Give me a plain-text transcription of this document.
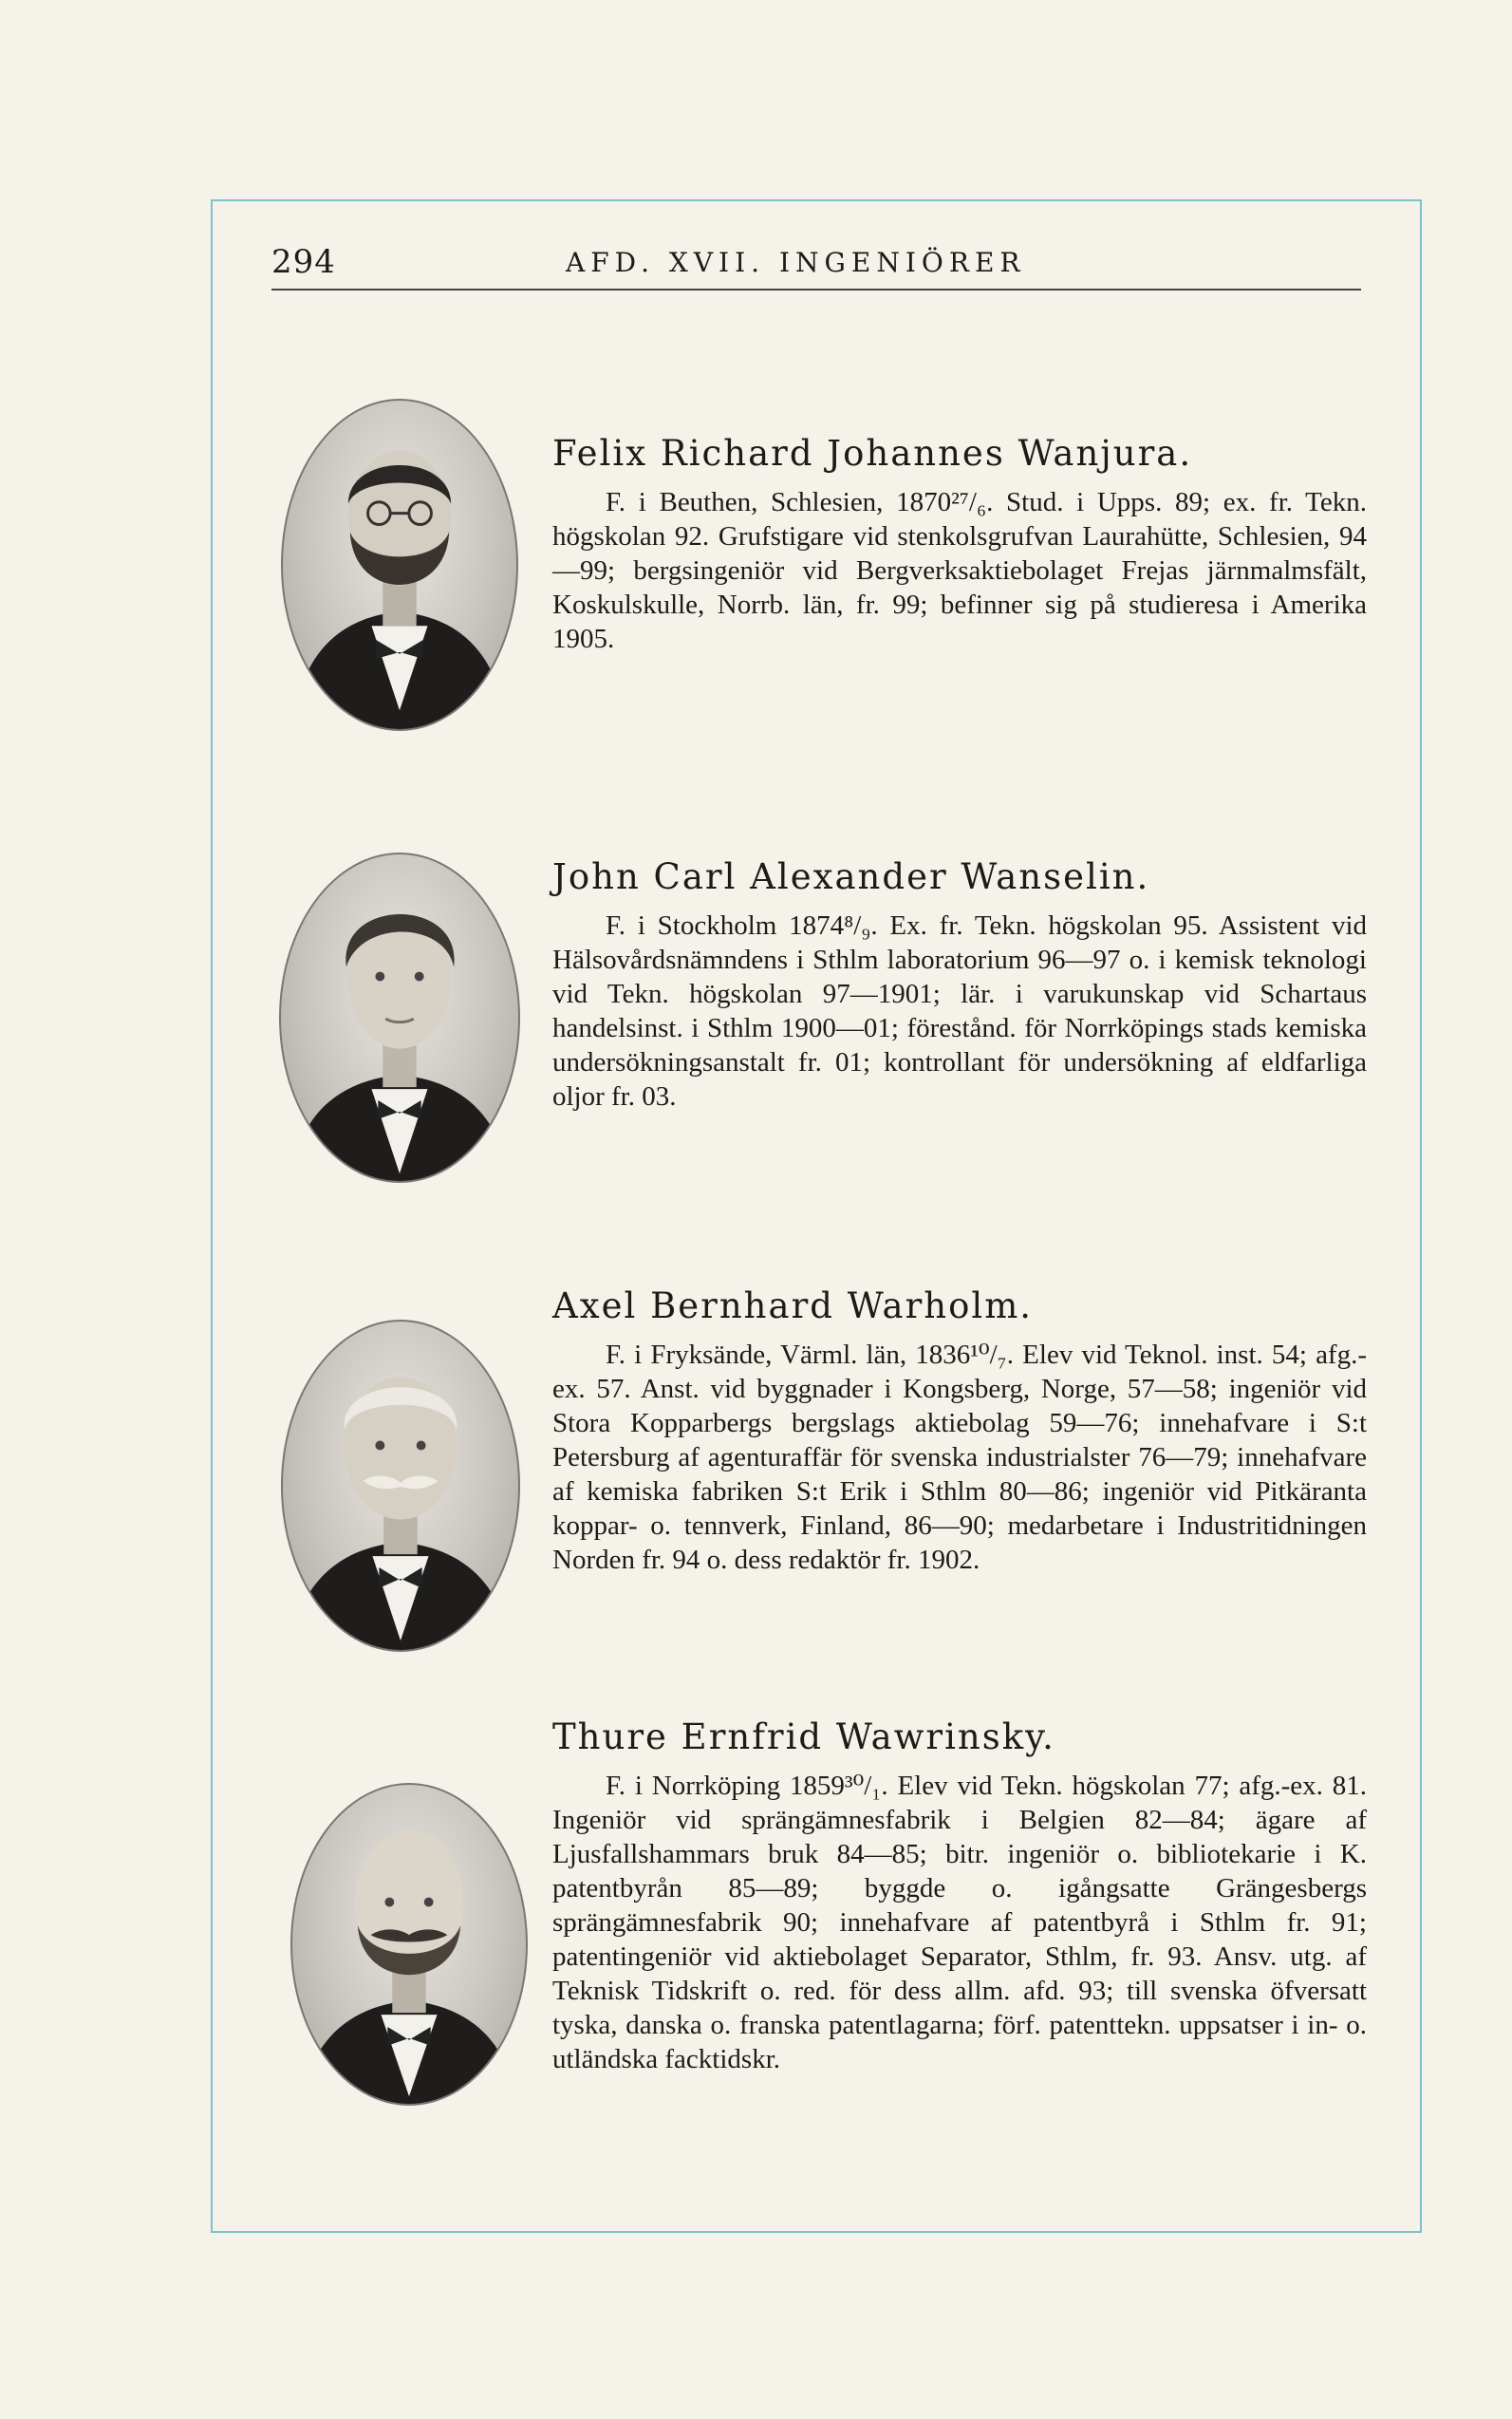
294	AFD. XVII. INGENIÖRER

Felix Richard Johannes Wanjura.

F. i Beuthen, Schlesien, 1870²⁷/₆. Stud. i Upps. 89; ex. fr. Tekn. högskolan 92. Grufstigare vid stenkolsgrufvan Laurahütte, Schlesien, 94—99; bergsingeniör vid Bergverksaktiebolaget Frejas järnmalmsfält, Koskulskulle, Norrb. län, fr. 99; befinner sig på studieresa i Amerika 1905.

John Carl Alexander Wanselin.

F. i Stockholm 1874⁸/₉. Ex. fr. Tekn. högskolan 95. Assistent vid Hälsovårdsnämndens i Sthlm laboratorium 96—97 o. i kemisk teknologi vid Tekn. högskolan 97—1901; lär. i varukunskap vid Schartaus handelsinst. i Sthlm 1900—01; förestånd. för Norrköpings stads kemiska undersökningsanstalt fr. 01; kontrollant för undersökning af eldfarliga oljor fr. 03.

Axel Bernhard Warholm.

F. i Fryksände, Värml. län, 1836¹⁰/₇. Elev vid Teknol. inst. 54; afg.-ex. 57. Anst. vid byggnader i Kongsberg, Norge, 57—58; ingeniör vid Stora Kopparbergs bergslags aktiebolag 59—76; innehafvare i S:t Petersburg af agenturaffär för svenska industrialster 76—79; innehafvare af kemiska fabriken S:t Erik i Sthlm 80—86; ingeniör vid Pitkäranta koppar- o. tennverk, Finland, 86—90; medarbetare i Industritidningen Norden fr. 94 o. dess redaktör fr. 1902.

Thure Ernfrid Wawrinsky.

F. i Norrköping 1859³⁰/₁. Elev vid Tekn. högskolan 77; afg.-ex. 81. Ingeniör vid sprängämnesfabrik i Belgien 82—84; ägare af Ljusfallshammars bruk 84—85; bitr. ingeniör o. bibliotekarie i K. patentbyrån 85—89; byggde o. igångsatte Grängesbergs sprängämnesfabrik 90; innehafvare af patentbyrå i Sthlm fr. 91; patentingeniör vid aktiebolaget Separator, Sthlm, fr. 93. Ansv. utg. af Teknisk Tidskrift o. red. för dess allm. afd. 93; till svenska öfversatt tyska, danska o. franska patentlagarna; förf. patenttekn. uppsatser i in- o. utländska facktidskr.
